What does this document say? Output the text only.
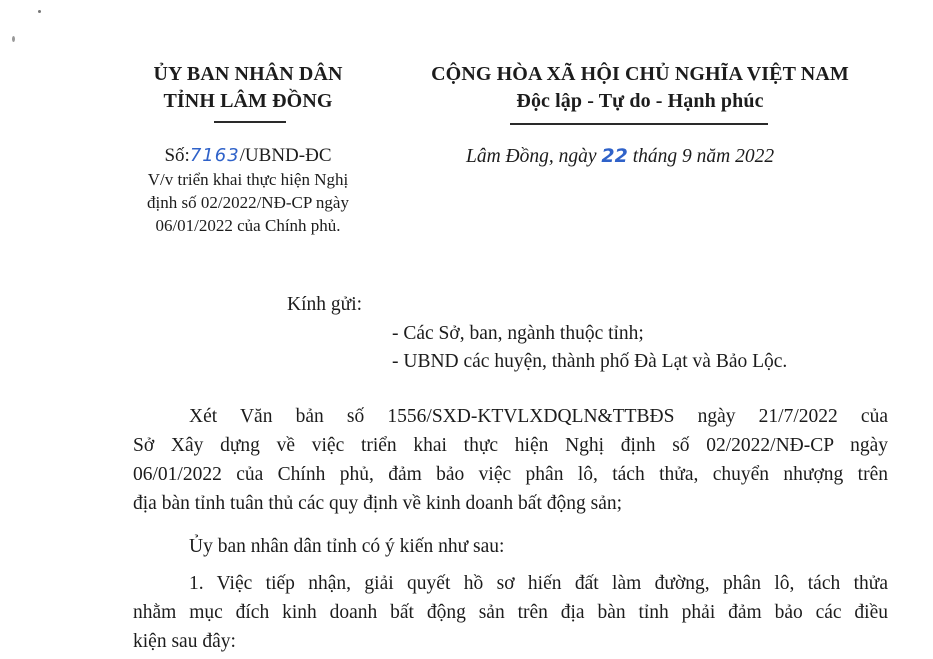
ỦY BAN NHÂN DÂN
TỈNH LÂM ĐỒNG
CỘNG HÒA XÃ HỘI CHỦ NGHĨA VIỆT NAM
Độc lập - Tự do - Hạnh phúc
Số:7163/UBND-ĐC
V/v triển khai thực hiện Nghị
định số 02/2022/NĐ-CP ngày
06/01/2022 của Chính phủ.
Lâm Đồng, ngày 22 tháng 9 năm 2022
Kính gửi:
- Các Sở, ban, ngành thuộc tỉnh;
- UBND các huyện, thành phố Đà Lạt và Bảo Lộc.
Xét Văn bản số 1556/SXD-KTVLXDQLN&TTBĐS ngày 21/7/2022 của
Sở Xây dựng về việc triển khai thực hiện Nghị định số 02/2022/NĐ-CP ngày
06/01/2022 của Chính phủ, đảm bảo việc phân lô, tách thửa, chuyển nhượng trên
địa bàn tỉnh tuân thủ các quy định về kinh doanh bất động sản;
Ủy ban nhân dân tỉnh có ý kiến như sau:
1. Việc tiếp nhận, giải quyết hồ sơ hiến đất làm đường, phân lô, tách thửa
nhằm mục đích kinh doanh bất động sản trên địa bàn tỉnh phải đảm bảo các điều
kiện sau đây:
